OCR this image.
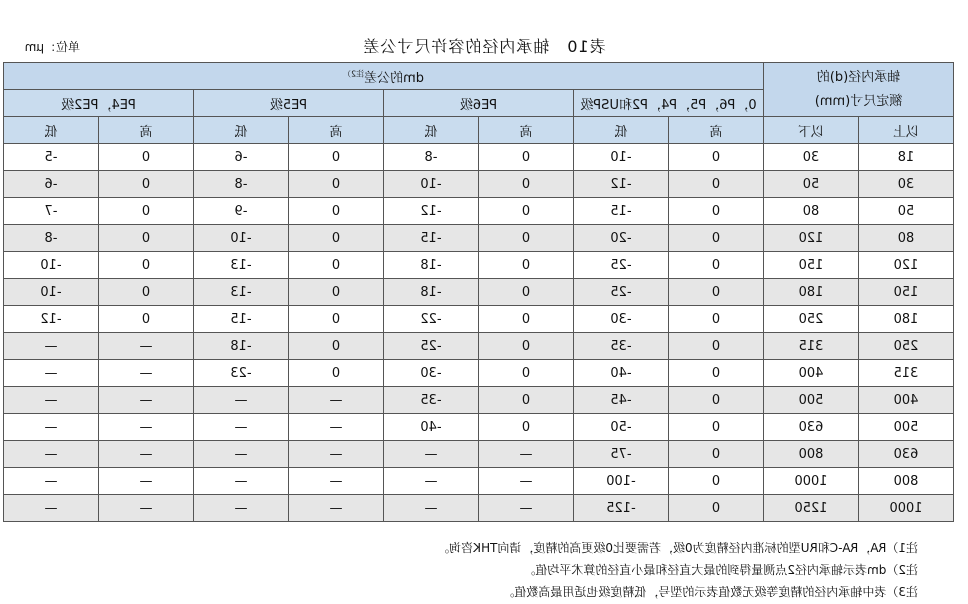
表10　轴承内径的容许尺寸公差
单位：μm
轴承内径(d)的
额定尺寸(mm)		dm的公差$^{注2)}$
		0，P6，P5，P4，P2和USP级		PE6级		PE5级		PE4，PE2级	
以上	以下	高	低	高	低	高	低	高	低
18	30	0	-10	0	-8	0	-6	0	-5
30	50	0	-12	0	-10	0	-8	0	-6
50	80	0	-15	0	-12	0	-9	0	-7
80	120	0	-20	0	-15	0	-10	0	-8
120	150	0	-25	0	-18	0	-13	0	-10
150	180	0	-25	0	-18	0	-13	0	-10
180	250	0	-30	0	-22	0	-15	0	-12
250	315	0	-35	0	-25	0	-18	—	—
315	400	0	-40	0	-30	0	-23	—	—
400	500	0	-45	0	-35	—	—	—	—
500	630	0	-50	0	-40	—	—	—	—
630	800	0	-75	—	—	—	—	—	—
800	1000	0	-100	—	—	—	—	—	—
1000	1250	0	-125	—	—	—	—	—	—
注1）RA，RA-C和RU型的标准内径精度为0级，若需要比0级更高的精度，请向THK咨询。
注2）dm表示轴承内径2点测量得到的最大直径和最小直径的算术平均值。
注3）表中轴承内径的精度等级无数值表示的型号，低精度级也适用最高数值。
